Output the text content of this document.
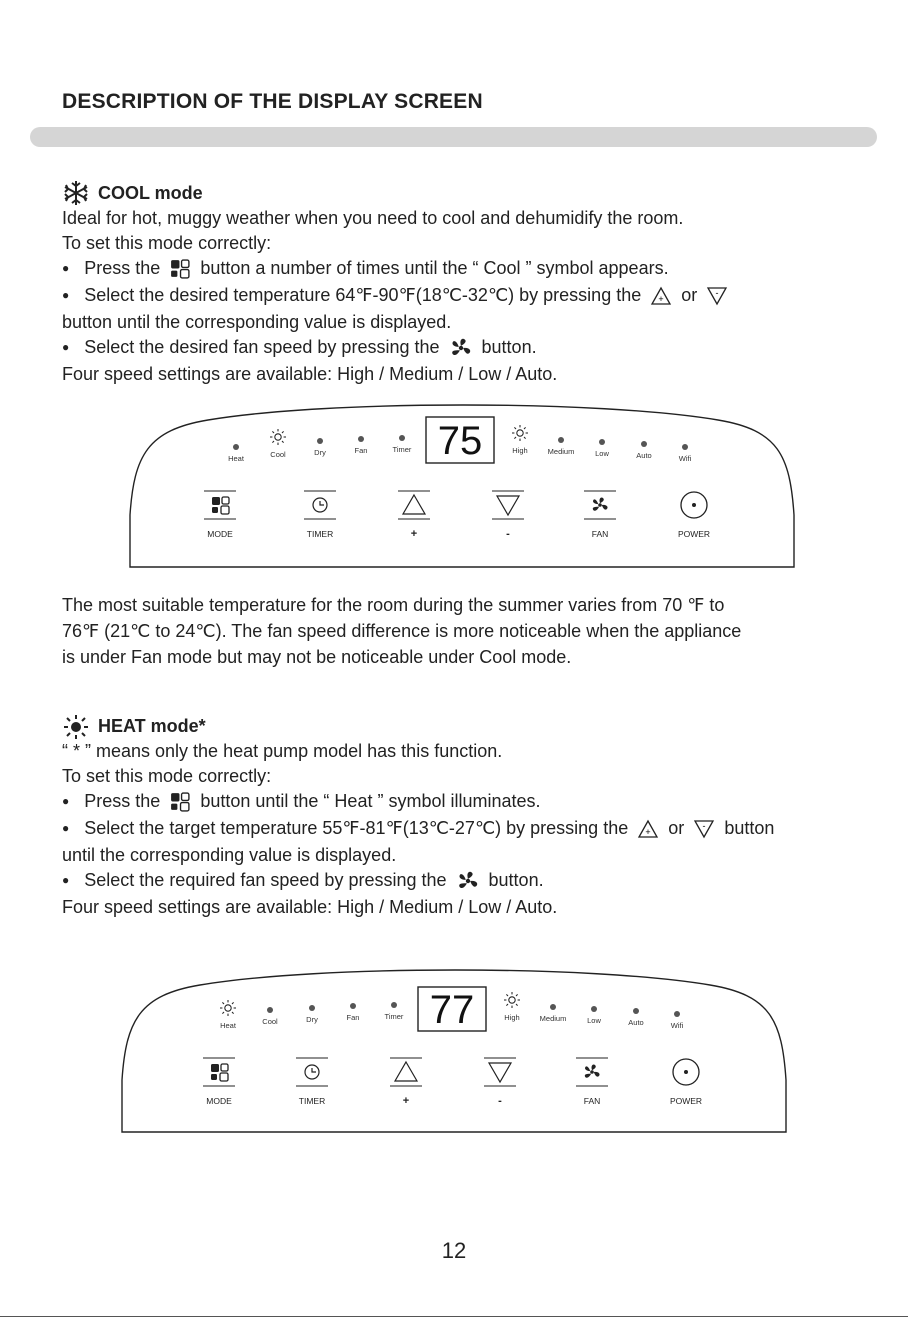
DESCRIPTION OF THE DISPLAY SCREEN
COOL mode
Ideal for hot, muggy weather when you need to cool and dehumidify the room.
To set this mode correctly:
● Press the button a number of times until the “ Cool ” symbol appears.
● Select the desired temperature 64℉-90℉(18℃-32℃) by pressing the + or -
button until the corresponding value is displayed.
● Select the desired fan speed by pressing the button.
Four speed settings are available: High / Medium / Low / Auto.
Heat	Cool	Dry	Fan	Timer	High	Medium	Low	Auto	Wifi
75
MODE	TIMER	+	-	FAN	POWER
The most suitable temperature for the room during the summer varies from 70 ℉ to
76℉ (21℃ to 24℃). The fan speed difference is more noticeable when the appliance
is under Fan mode but may not be noticeable under Cool mode.
HEAT mode*
“ * ” means only the heat pump model has this function.
To set this mode correctly:
● Press the button until the “ Heat ” symbol illuminates.
● Select the target temperature 55℉-81℉(13℃-27℃) by pressing the + or - button
until the corresponding value is displayed.
● Select the required fan speed by pressing the button.
Four speed settings are available: High / Medium / Low / Auto.
Heat	Cool	Dry	Fan	Timer	High	Medium	Low	Auto	Wifi
77
MODE	TIMER	+	-	FAN	POWER
12
